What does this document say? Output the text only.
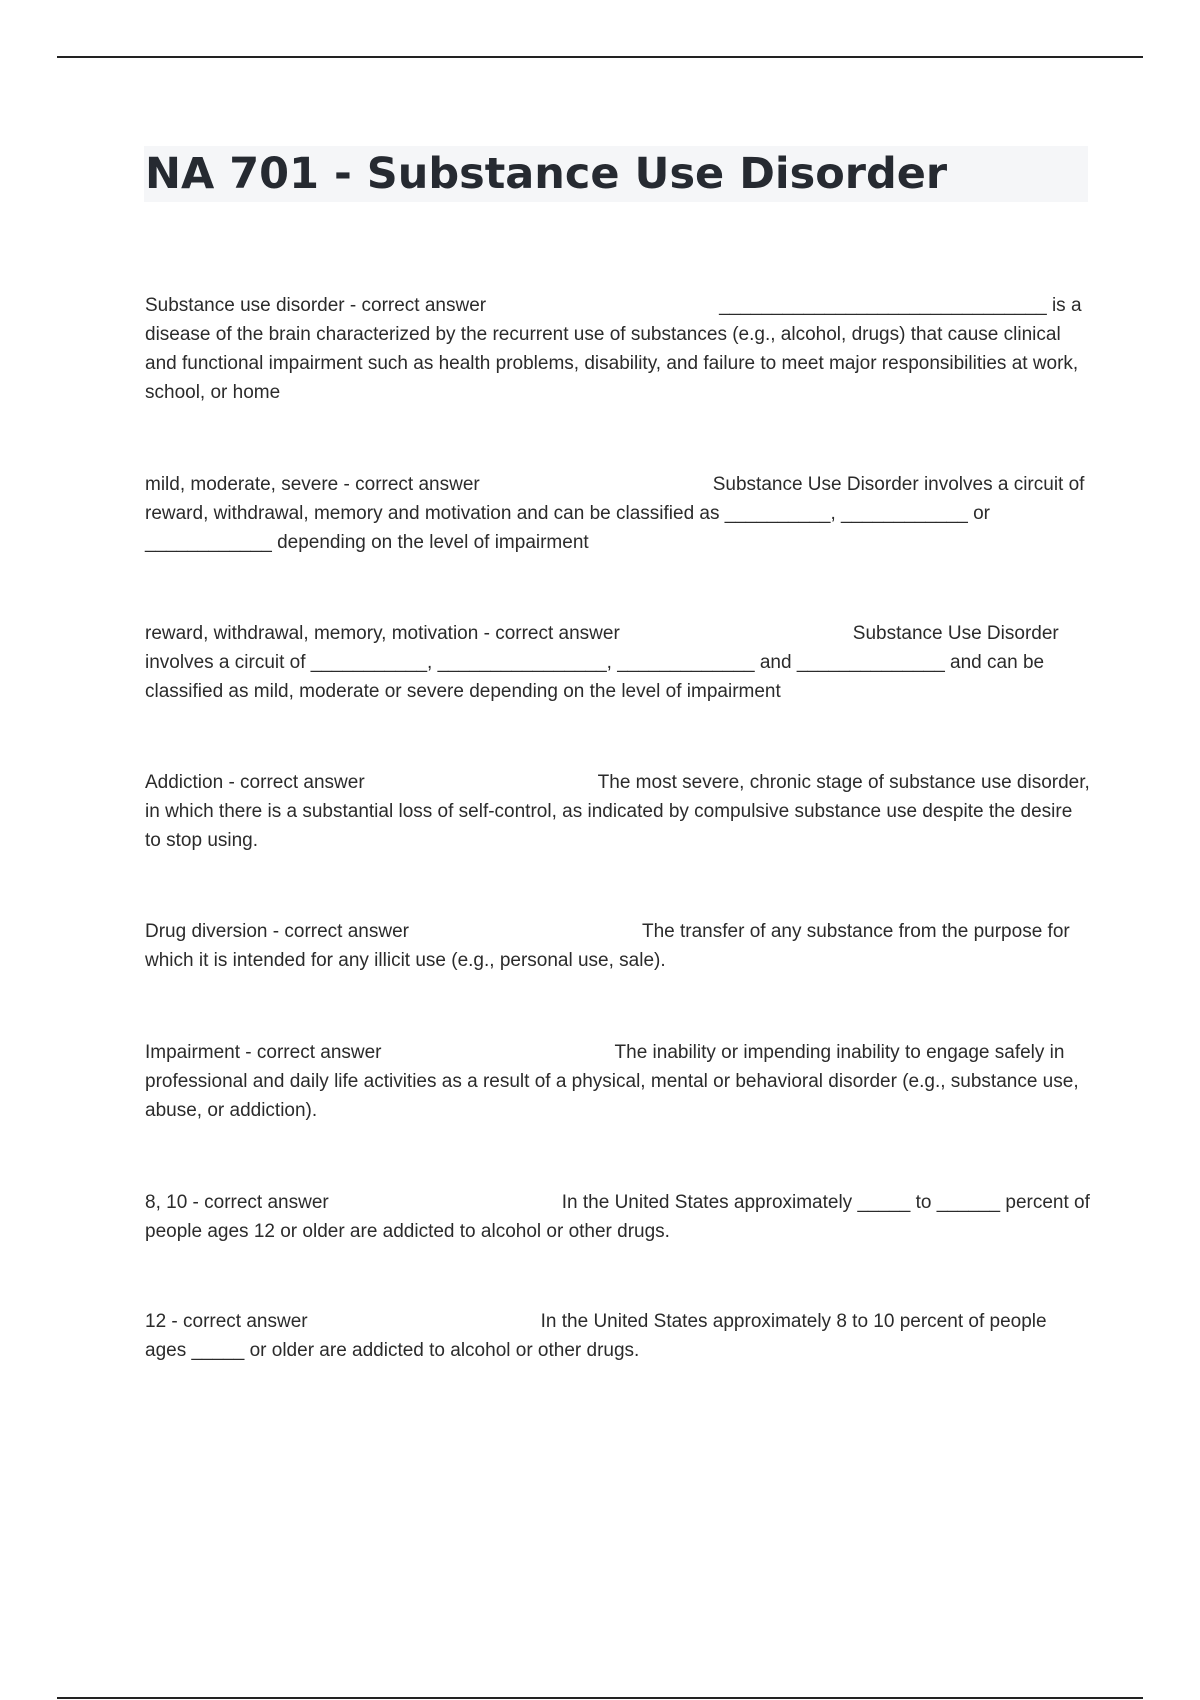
NA 701 - Substance Use Disorder

Substance use disorder - correct answer	_______________________________ is a disease of the brain characterized by the recurrent use of substances (e.g., alcohol, drugs) that cause clinical and functional impairment such as health problems, disability, and failure to meet major responsibilities at work, school, or home

mild, moderate, severe - correct answer	Substance Use Disorder involves a circuit of reward, withdrawal, memory and motivation and can be classified as __________, ____________ or ____________ depending on the level of impairment

reward, withdrawal, memory, motivation - correct answer	Substance Use Disorder involves a circuit of ___________, ________________, _____________ and ______________ and can be classified as mild, moderate or severe depending on the level of impairment

Addiction - correct answer	The most severe, chronic stage of substance use disorder, in which there is a substantial loss of self-control, as indicated by compulsive substance use despite the desire to stop using.

Drug diversion - correct answer	The transfer of any substance from the purpose for which it is intended for any illicit use (e.g., personal use, sale).

Impairment - correct answer	The inability or impending inability to engage safely in professional and daily life activities as a result of a physical, mental or behavioral disorder (e.g., substance use, abuse, or addiction).

8, 10 - correct answer	In the United States approximately _____ to ______ percent of people ages 12 or older are addicted to alcohol or other drugs.

12 - correct answer	In the United States approximately 8 to 10 percent of people ages _____ or older are addicted to alcohol or other drugs.
